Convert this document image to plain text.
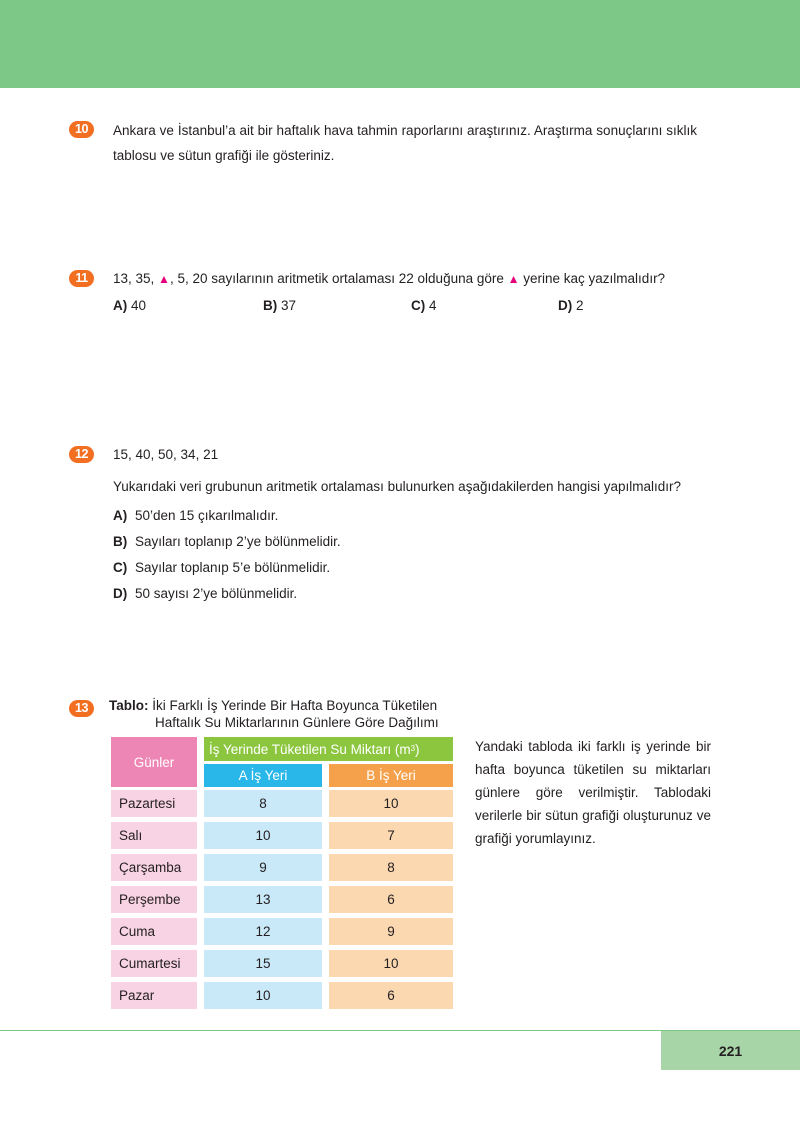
10	Ankara ve İstanbul’a ait bir haftalık hava tahmin raporlarını araştırınız. Araştırma sonuçlarını sıklık tablosu ve sütun grafiği ile gösteriniz.
11	13, 35, ▲, 5, 20 sayılarının aritmetik ortalaması 22 olduğuna göre ▲ yerine kaç yazılmalıdır?
A) 40	B) 37	C) 4	D) 2
12	15, 40, 50, 34, 21
Yukarıdaki veri grubunun aritmetik ortalaması bulunurken aşağıdakilerden hangisi yapılmalıdır?
A) 50’den 15 çıkarılmalıdır.
B) Sayıları toplanıp 2’ye bölünmelidir.
C) Sayılar toplanıp 5’e bölünmelidir.
D) 50 sayısı 2’ye bölünmelidir.
13	Tablo: İki Farklı İş Yerinde Bir Hafta Boyunca Tüketilen
Haftalık Su Miktarlarının Günlere Göre Dağılımı
Günler
İş Yerinde Tüketilen Su Miktarı (m 3 )
A İş Yeri	B İş Yeri
Pazartesi	8	10
Salı	10	7
Çarşamba	9	8
Perşembe	13	6
Cuma	12	9
Cumartesi	15	10
Pazar	10	6
Yandaki tabloda iki farklı iş yerinde bir hafta boyunca tüketilen su miktarları günlere göre verilmiştir. Tablodaki verilerle bir sütun grafiği oluşturunuz ve grafiği yorumlayınız.
221
